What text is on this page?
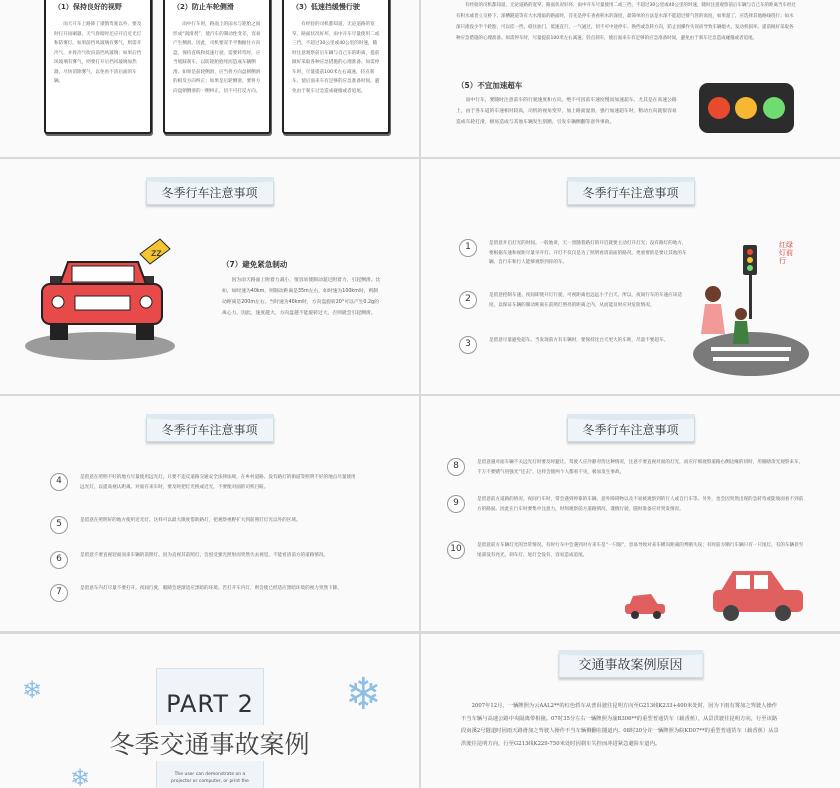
（1）保持良好的视野

雨天开车上路除了谨慎驾驶以外，要及时打开雨刷器，天气昏暗时还应开启近光灯和防雾灯。如果前挡风玻璃有雾气，则需开冷气，并将冷气吹向前挡风玻璃；如果后挡风玻璃有雾气，则要打开后挡风玻璃加热器，尽快消除雾气，以免看不清后面的车辆。

（2）防止车轮侧滑

雨中行车时，路面上的雨水与轮胎之间形成“润滑剂”，使汽车的制动性变差，容易产生侧滑。因此，司机要双手平衡握住方向盘，保持直线和低速行驶，需要转弯时，应当缓踩刹车，以防轮胎抱死而造成车辆侧滑。如果是前轮侧滑，应当将方向盘朝侧滑的相反方向纠正；如果是后轮侧滑，要将方向盘朝侧滑的一侧纠正，切不可打反方向。

（3）低速挡缓慢行驶

有经验的司机都知道，无论道路的宽窄、路面状况好坏，雨中开车尽量使用二或三挡，不超过30公里或40公里的时速，随时注意观察前后车辆与自己车的距离，提前做好采取各种应急措施的心理准备。如需停车时，尽量提前100米左右减速、轻点刹车，使后面来车有足够的应急准备时间，避免由于刹车过急造成碰撞或者追尾。

有经验的司机都知道，无论道路的宽窄、路面状况好坏，雨中开车尽量使用二或三挡，不超过30公里或40公里的时速，随时注意观察前后车辆与自己车的距离当车经过有积水或者立交桥下、深槽隧道等有大水漫溢的路面时，首先是停车查看积水的深度，最简单的方法是水深不能超过排气管的高度，如果超了，应选择其他路线绕行；如水深只淹没少半个轮胎，可以挂一挡，稳住油门，低速直行，一气通过，切不可中途停车、换挡或急转方向，防止因操作失误而导致车辆熄火、发动机损坏。提前做好采取各种应急措施的心理准备。如需停车时，尽量提前100米左右减速、轻点刹车，使后面来车有足够的应急准备时间，避免由于刹车过急造成碰撞或者追尾。

（5）不宜加速超车

雨中行车，要随时注意前车的行驶速度和方向，绝不可因前车速度慢而加速超车。尤其是在高速公路上，由于各车道的车速相对较高，司机的视角变窄，加上路面湿滑，强行加速超车时，稍动方向就很容易造成车轮打滑，极易造成与其他车辆发生刮蹭，引发车辆侧翻等意外事故。

冬季行车注意事项
zz
（7）避免紧急制动

因为雨天路面上附着力减小，很容易使制动超过附着力，引起侧滑。比如，如时速为40km，则制动距离是35m左右，如时速为100km时，则制动距离是200m左右。当时速为40km时，方向盘旋转20°可以产生0.2g的离心力，因此，速度越大，方向盘越不能旋转过大，否则就会引起侧滑。

冬季行车注意事项
1	是留意开启灯光的时间。一般地讲，天一黑随着路灯的开启就要主动打开灯光；没有路灯的地方，要根据车速和视距尽量早开灯。开灯不仅仅是为了照明看清前面的路况，更重要的是要让其他的车辆、自行车和行人能够观察到你的车。

2	是留意控制车速。夜间即使开灯行驶，可视距离也远远小于白天。所以，夜间行车的车速应该适度，以保证车辆的制动距离在前照灯照亮的距离之内，从而能及时应对危险情况。

3	是留意尽量避免超车。当发现前方有车辆时，要保持比白天更大的车距，尽量不要超车。

红绿灯前行
冬季行车注意事项
4	是留意在照明不好的地方尽量使用远光灯。只要不违反道路交通安全法律法规，在乡村道路、没有路灯的街道等照明不好的地点尽量使用远光灯，以提高视认距离。对面有来车时，要及时把灯光换成近光，不要使对面的司机目眩。

5	是留意在照明好的地方使用近光灯。这样可以最大限度借助路灯，把观察视野扩大到前照灯灯光以外的区域。

6	是留意不要直视迎面而来车辆的前照灯。因为直视其前照灯，会因受强光照射而突然失去视觉，不能看清前方的道路情况。

7	是留意车内灯尽量不要打开。夜间行驶，眼睛会逐渐适应黑暗的环境。若打开车内灯，则会使已经适应黑暗环境的视力突然下降。

冬季行车注意事项
8	是留意遇对面车辆不关远光灯时要及时避让。驾驶人应冷静对待这种情况，注意不要直视对面的灯光，而应仔细观察道路右侧边缘的同时，用眼睛余光观察来车，千万不要赌气用强光“还击”，这样会使两个人都看不见，极易发生事故。

9	是留意前方道路的情况。夜间行车时，常会遇到停靠的车辆、意外障碍物以及不易被观察到的行人或自行车等。另外，也会因突然出现的急转弯或陡坡而看不到前方的路面。因此在行车时要集中注意力，时刻观察前方道路情况，谨慎行驶，随时准备应对突发情况。

10	是留意前方车辆灯光的异常情况。有时行车中会遇到对方来车是“一只眼”，容易导致对来车横向距离的判断失误；有时前方顺行车辆只有一只尾灯，有的车辆甚至尾部没有亮光，刹车灯、尾灯全没有，容易造成追尾。

❄	❄
❄
PART 2
冬季交通事故案例

The user can demonstrate on a projector or computer, or print the

交通事故案例原因

2007年12月，一辆牌照为云AAL2**的红色轿车从普洱驶往昆明方向至G213线K233+400米处时，因为下雨有雾加之驾驶人操作不当车辆与高速公路中央隔离带相撞。07时35分左右一辆牌照为渝B306**的重型普通货车（载香蕉），从景洪驶往昆明方向，行至该路段南溪2号隧道时因雨天路滑加之驾驶人操作不当车辆侧翻在隧道内。08时20分许一辆牌照为皖KD07**的重型普通货车（载香蕉）从景洪驶往昆明方向，行至G213线K229-750米处时因刹车失控而冲进紧急避险车道内。
